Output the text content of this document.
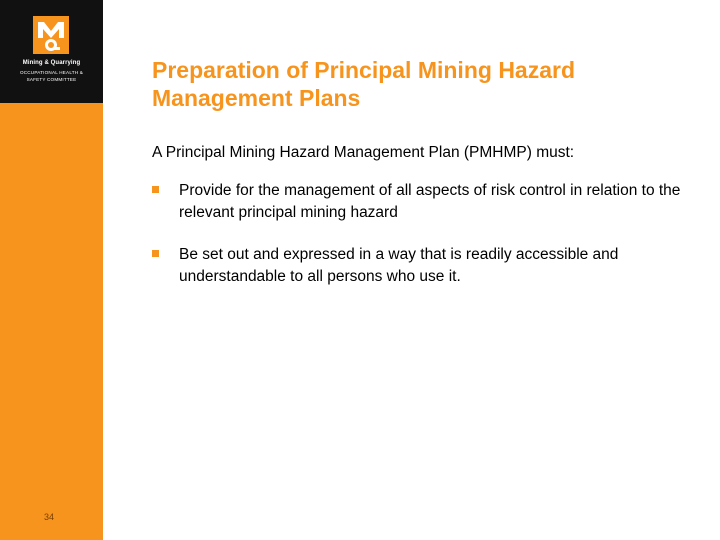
Mining & Quarrying
OCCUPATIONAL HEALTH & SAFETY COMMITTEE
34
Preparation of Principal Mining Hazard Management Plans
A Principal Mining Hazard Management Plan (PMHMP) must:
Provide for the management of all aspects of risk control in relation to the relevant principal mining hazard
Be set out and expressed in a way that is readily accessible and understandable to all persons who use it.
